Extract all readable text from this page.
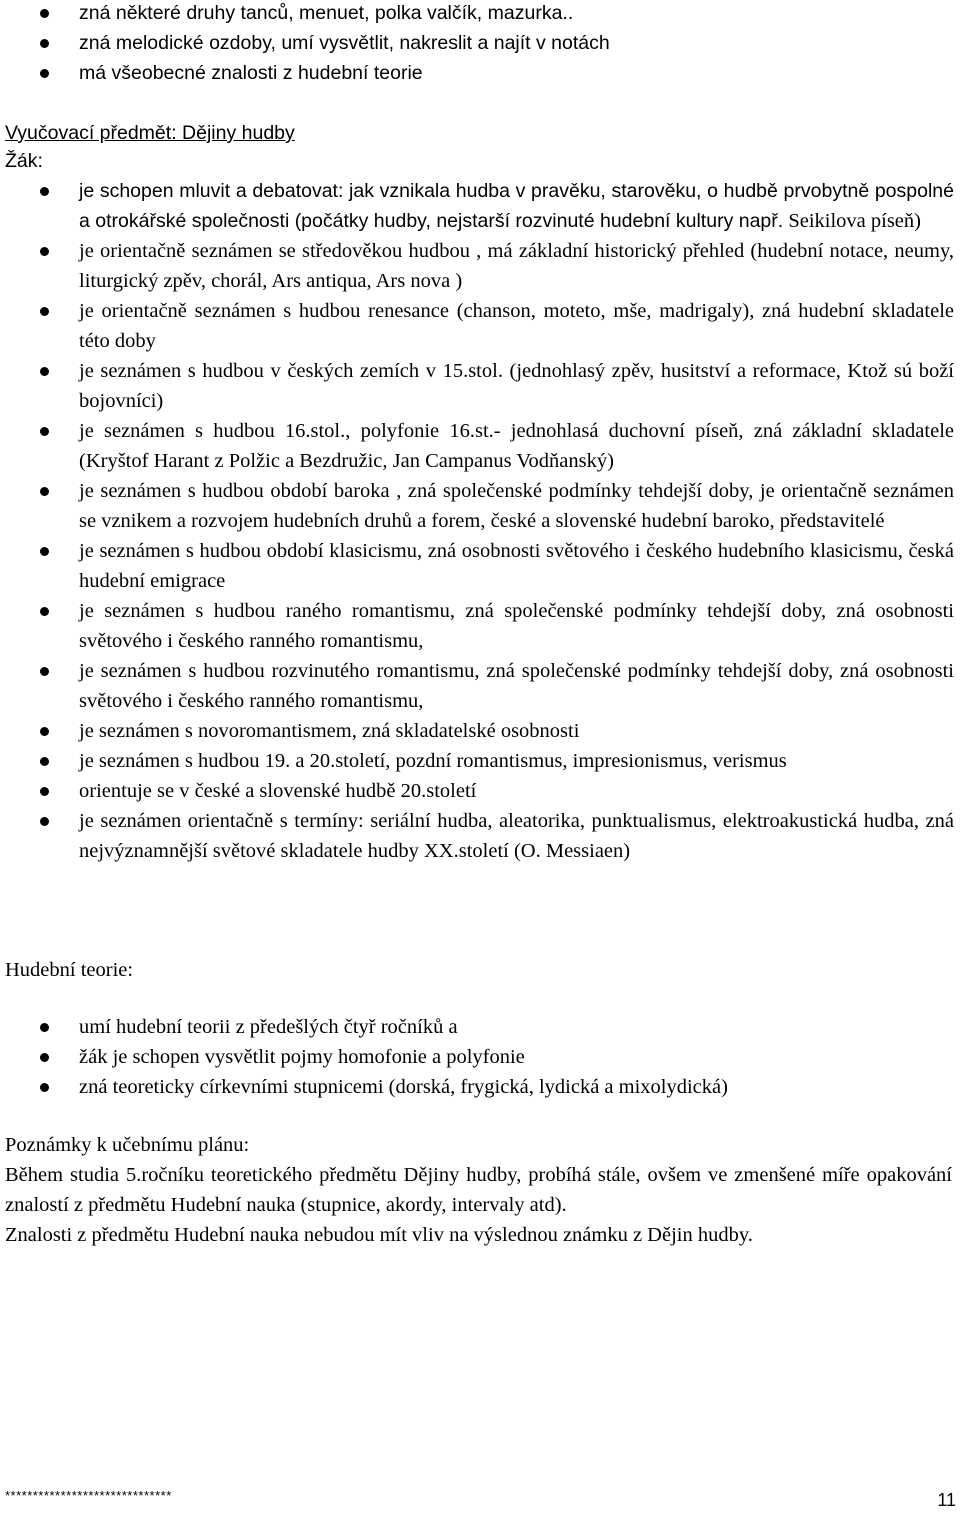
zná některé druhy tanců, menuet, polka valčík, mazurka..
zná melodické ozdoby, umí vysvětlit, nakreslit a najít v notách
má všeobecné znalosti z hudební teorie
Vyučovací předmět: Dějiny hudby
Žák:
je schopen mluvit a debatovat: jak vznikala hudba v pravěku, starověku, o hudbě prvobytně pospolné a otrokářské společnosti (počátky hudby, nejstarší rozvinuté hudební kultury např. Seikilova píseň)
je orientačně seznámen se středověkou hudbou , má základní historický přehled (hudební notace, neumy, liturgický zpěv, chorál, Ars antiqua, Ars nova )
je orientačně seznámen s hudbou renesance (chanson, moteto, mše, madrigaly), zná hudební skladatele této doby
je seznámen s hudbou v českých zemích v 15.stol. (jednohlasý zpěv, husitství a reformace, Ktož sú boží bojovníci)
je seznámen s hudbou 16.stol., polyfonie 16.st.- jednohlasá duchovní píseň, zná základní skladatele (Kryštof Harant z Polžic a Bezdružic, Jan Campanus Vodňanský)
je seznámen s hudbou období baroka , zná společenské podmínky tehdejší doby, je orientačně seznámen se vznikem a rozvojem hudebních druhů a forem, české a slovenské hudební baroko, představitelé
je seznámen s hudbou období klasicismu, zná osobnosti světového i českého hudebního klasicismu, česká hudební emigrace
je seznámen s hudbou raného romantismu, zná společenské podmínky tehdejší doby, zná osobnosti světového i českého ranného romantismu,
je seznámen s hudbou rozvinutého romantismu, zná společenské podmínky tehdejší doby, zná osobnosti světového i českého ranného romantismu,
je seznámen s novoromantismem, zná skladatelské osobnosti
je seznámen s hudbou 19. a 20.století, pozdní romantismus, impresionismus, verismus
orientuje se v české a slovenské hudbě 20.století
je seznámen orientačně s termíny: seriální hudba, aleatorika, punktualismus, elektroakustická hudba, zná nejvýznamnější světové skladatele hudby XX.století (O. Messiaen)
Hudební teorie:
umí hudební teorii z předešlých čtyř ročníků a
žák je schopen vysvětlit pojmy homofonie a polyfonie
zná teoreticky církevními stupnicemi (dorská, frygická, lydická a mixolydická)
Poznámky k učebnímu plánu:
Během studia 5.ročníku teoretického předmětu Dějiny hudby, probíhá stále, ovšem ve zmenšené míře opakování znalostí z předmětu Hudební nauka (stupnice, akordy, intervaly atd).
Znalosti z předmětu Hudební nauka nebudou mít vliv na výslednou známku z Dějin hudby.
******************************	11
